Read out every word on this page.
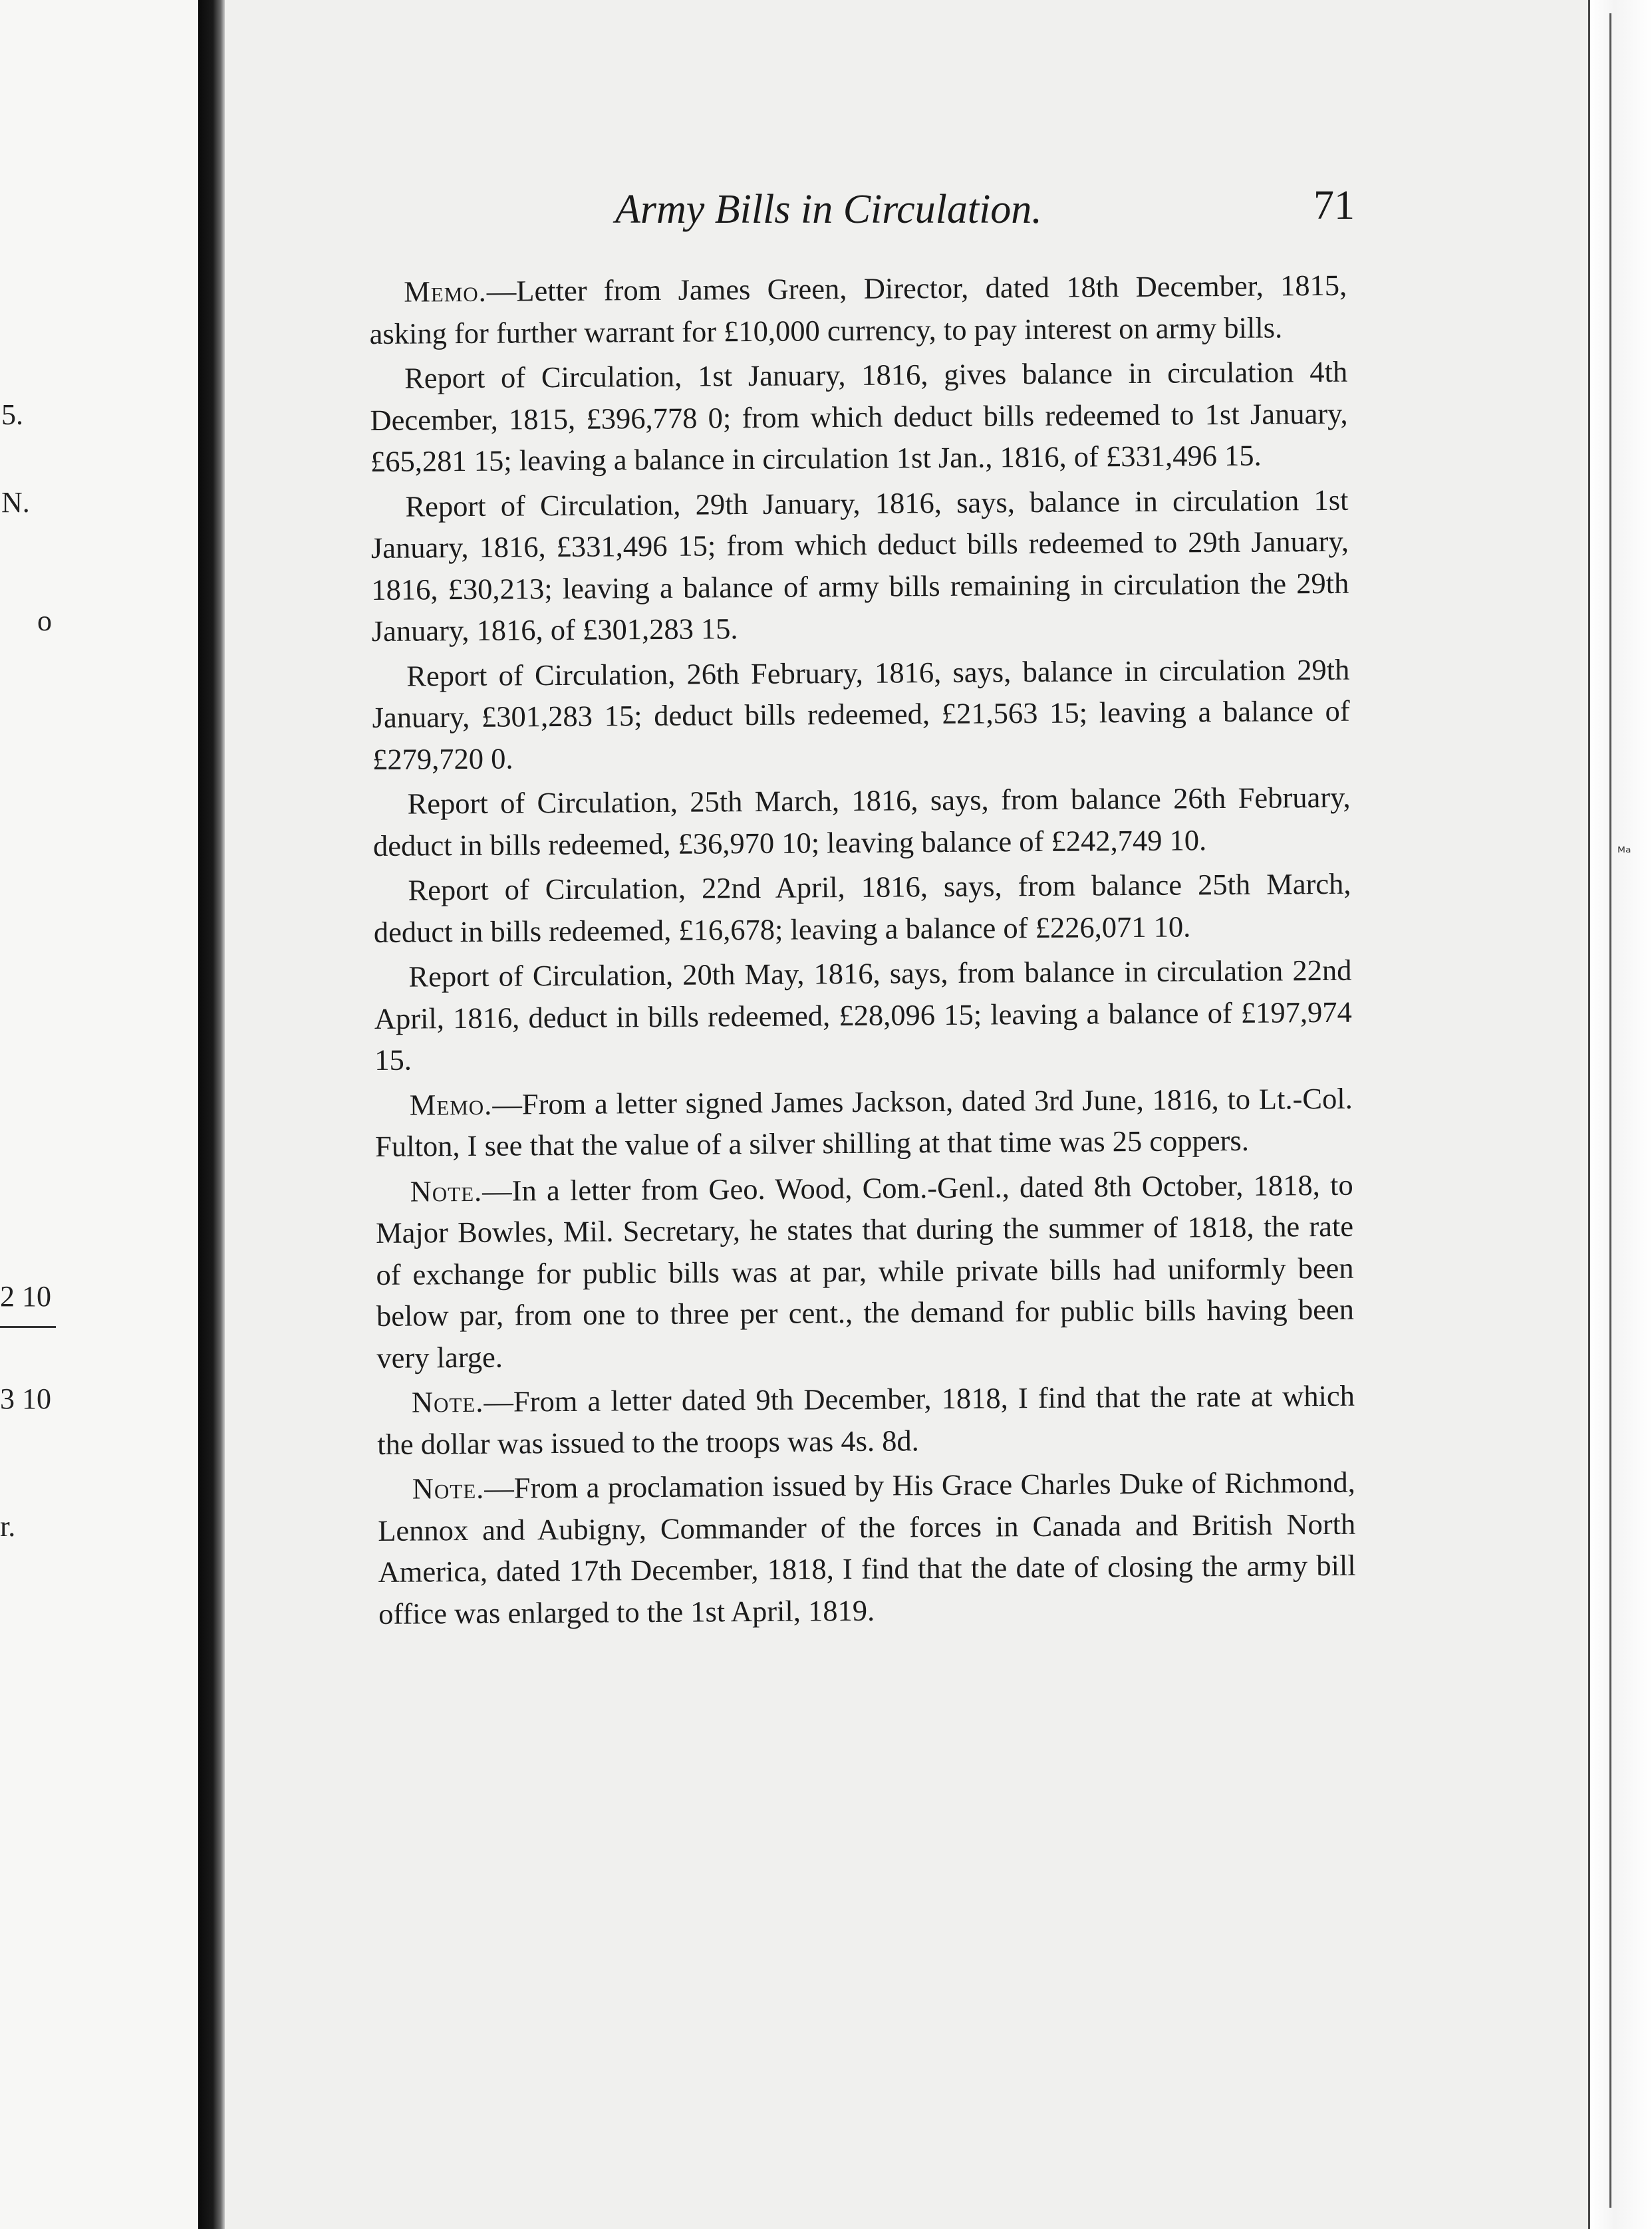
5.
N.
o
2 10
3 10
r.
ᴹᵃ
Army Bills in Circulation.	71

Memo.—Letter from James Green, Director, dated 18th December, 1815, asking for further warrant for £10,000 currency, to pay interest on army bills.

Report of Circulation, 1st January, 1816, gives balance in circulation 4th December, 1815, £396,778 0; from which deduct bills redeemed to 1st January, £65,281 15; leaving a balance in circulation 1st Jan., 1816, of £331,496 15.

Report of Circulation, 29th January, 1816, says, balance in circulation 1st January, 1816, £331,496 15; from which deduct bills redeemed to 29th January, 1816, £30,213; leaving a balance of army bills remaining in circulation the 29th January, 1816, of £301,283 15.

Report of Circulation, 26th February, 1816, says, balance in circulation 29th January, £301,283 15; deduct bills redeemed, £21,563 15; leaving a balance of £279,720 0.

Report of Circulation, 25th March, 1816, says, from balance 26th February, deduct in bills redeemed, £36,970 10; leaving balance of £242,749 10.

Report of Circulation, 22nd April, 1816, says, from balance 25th March, deduct in bills redeemed, £16,678; leaving a balance of £226,071 10.

Report of Circulation, 20th May, 1816, says, from balance in circulation 22nd April, 1816, deduct in bills redeemed, £28,096 15; leaving a balance of £197,974 15.

Memo.—From a letter signed James Jackson, dated 3rd June, 1816, to Lt.-Col. Fulton, I see that the value of a silver shilling at that time was 25 coppers.

Note.—In a letter from Geo. Wood, Com.-Genl., dated 8th October, 1818, to Major Bowles, Mil. Secretary, he states that during the summer of 1818, the rate of exchange for public bills was at par, while private bills had uniformly been below par, from one to three per cent., the demand for public bills having been very large.

Note.—From a letter dated 9th December, 1818, I find that the rate at which the dollar was issued to the troops was 4s. 8d.

Note.—From a proclamation issued by His Grace Charles Duke of Richmond, Lennox and Aubigny, Commander of the forces in Canada and British North America, dated 17th December, 1818, I find that the date of closing the army bill office was enlarged to the 1st April, 1819.
